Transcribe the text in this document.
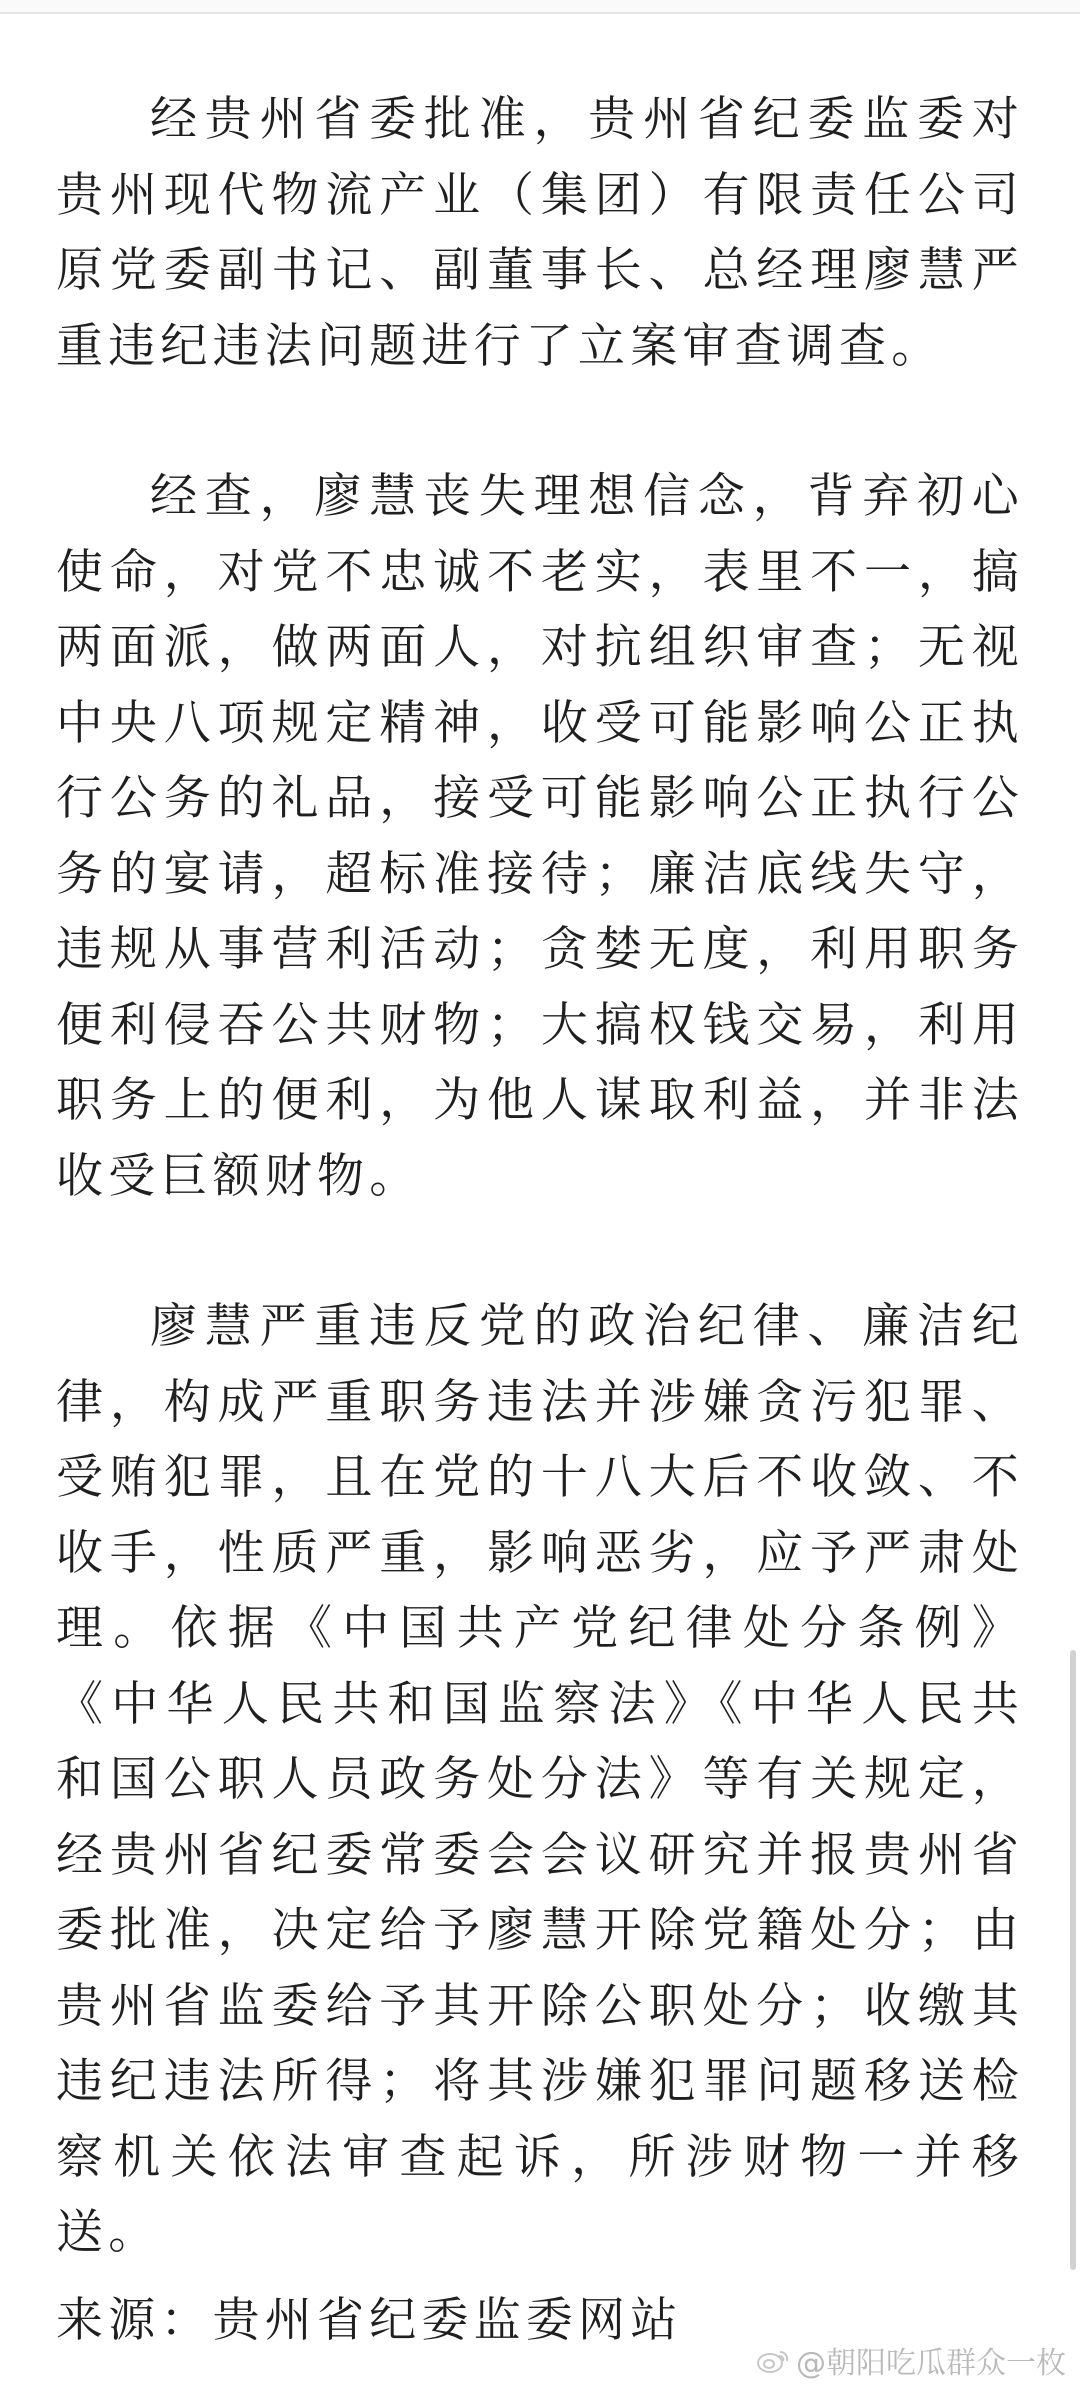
经贵州省委批准，贵州省纪委监委对贵州现代物流产业（集团）有限责任公司原党委副书记、副董事长、总经理廖慧严重违纪违法问题进行了立案审查调查。

经查，廖慧丧失理想信念，背弃初心使命，对党不忠诚不老实，表里不一，搞两面派，做两面人，对抗组织审查；无视中央八项规定精神，收受可能影响公正执行公务的礼品，接受可能影响公正执行公务的宴请，超标准接待；廉洁底线失守，违规从事营利活动；贪婪无度，利用职务便利侵吞公共财物；大搞权钱交易，利用职务上的便利，为他人谋取利益，并非法收受巨额财物。

廖慧严重违反党的政治纪律、廉洁纪律，构成严重职务违法并涉嫌贪污犯罪、受贿犯罪，且在党的十八大后不收敛、不收手，性质严重，影响恶劣，应予严肃处理。依据《中国共产党纪律处分条例》《中华人民共和国监察法》《中华人民共和国公职人员政务处分法》等有关规定，经贵州省纪委常委会会议研究并报贵州省委批准，决定给予廖慧开除党籍处分；由贵州省监委给予其开除公职处分；收缴其违纪违法所得；将其涉嫌犯罪问题移送检察机关依法审查起诉，所涉财物一并移送。

来源：贵州省纪委监委网站

@朝阳吃瓜群众一枚
